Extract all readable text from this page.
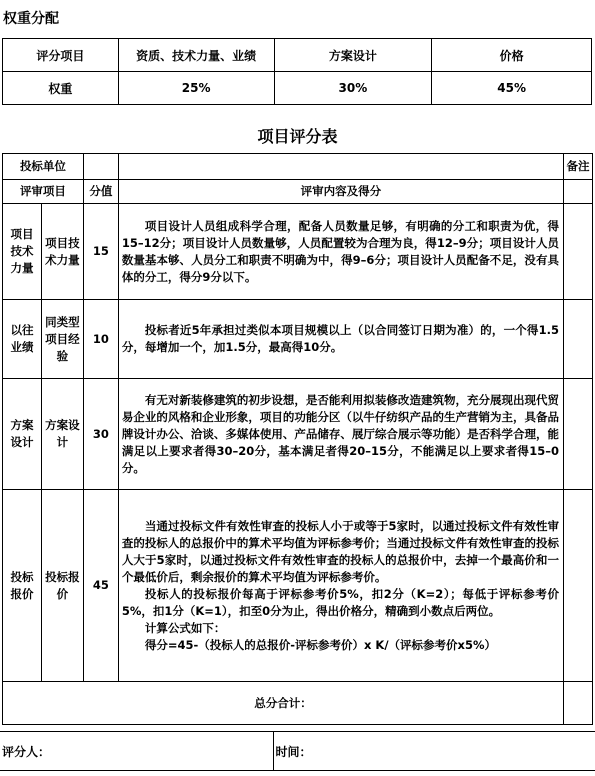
权重分配
评分项目	资质、技术力量、业绩	方案设计	价格
权重	25%	30%	45%
项目评分表
投标单位				备注
评审项目		分值	评审内容及得分	
项目技术力量	项目技术力量	15	项目设计人员组成科学合理，配备人员数量足够，有明确的分工和职责为优，得15–12分；项目设计人员数量够，人员配置较为合理为良，得12–9分；项目设计人员数量基本够、人员分工和职责不明确为中，得9–6分；项目设计人员配备不足，没有具体的分工，得分9分以下。	

以往业绩	同类型项目经验	10	投标者近5年承担过类似本项目规模以上（以合同签订日期为准）的，一个得1.5分，每增加一个，加1.5分，最高得10分。	

方案设计	方案设计	30	有无对新装修建筑的初步设想，是否能利用拟装修改造建筑物，充分展现出现代贸易企业的风格和企业形象，项目的功能分区（以牛仔纺织产品的生产营销为主，具备品牌设计办公、洽谈、多媒体使用、产品储存、展厅综合展示等功能）是否科学合理，能满足以上要求者得30–20分，基本满足者得20–15分，不能满足以上要求者得15–0分。	

投标报价	投标报价	45	当通过投标文件有效性审查的投标人小于或等于5家时，以通过投标文件有效性审查的投标人的总报价中的算术平均值为评标参考价；当通过投标文件有效性审查的投标人大于5家时，以通过投标文件有效性审查的投标人的总报价中，去掉一个最高价和一个最低价后，剩余报价的算术平均值为评标参考价。

投标人的投标报价每高于评标参考价5%，扣2分（K=2）；每低于评标参考价5%，扣1分（K=1），扣至0分为止，得出价格分，精确到小数点后两位。

计算公式如下：

得分=45-（投标人的总报价-评标参考价）x K/（评标参考价x5%）	

总分合计：				
评分人：	时间：
